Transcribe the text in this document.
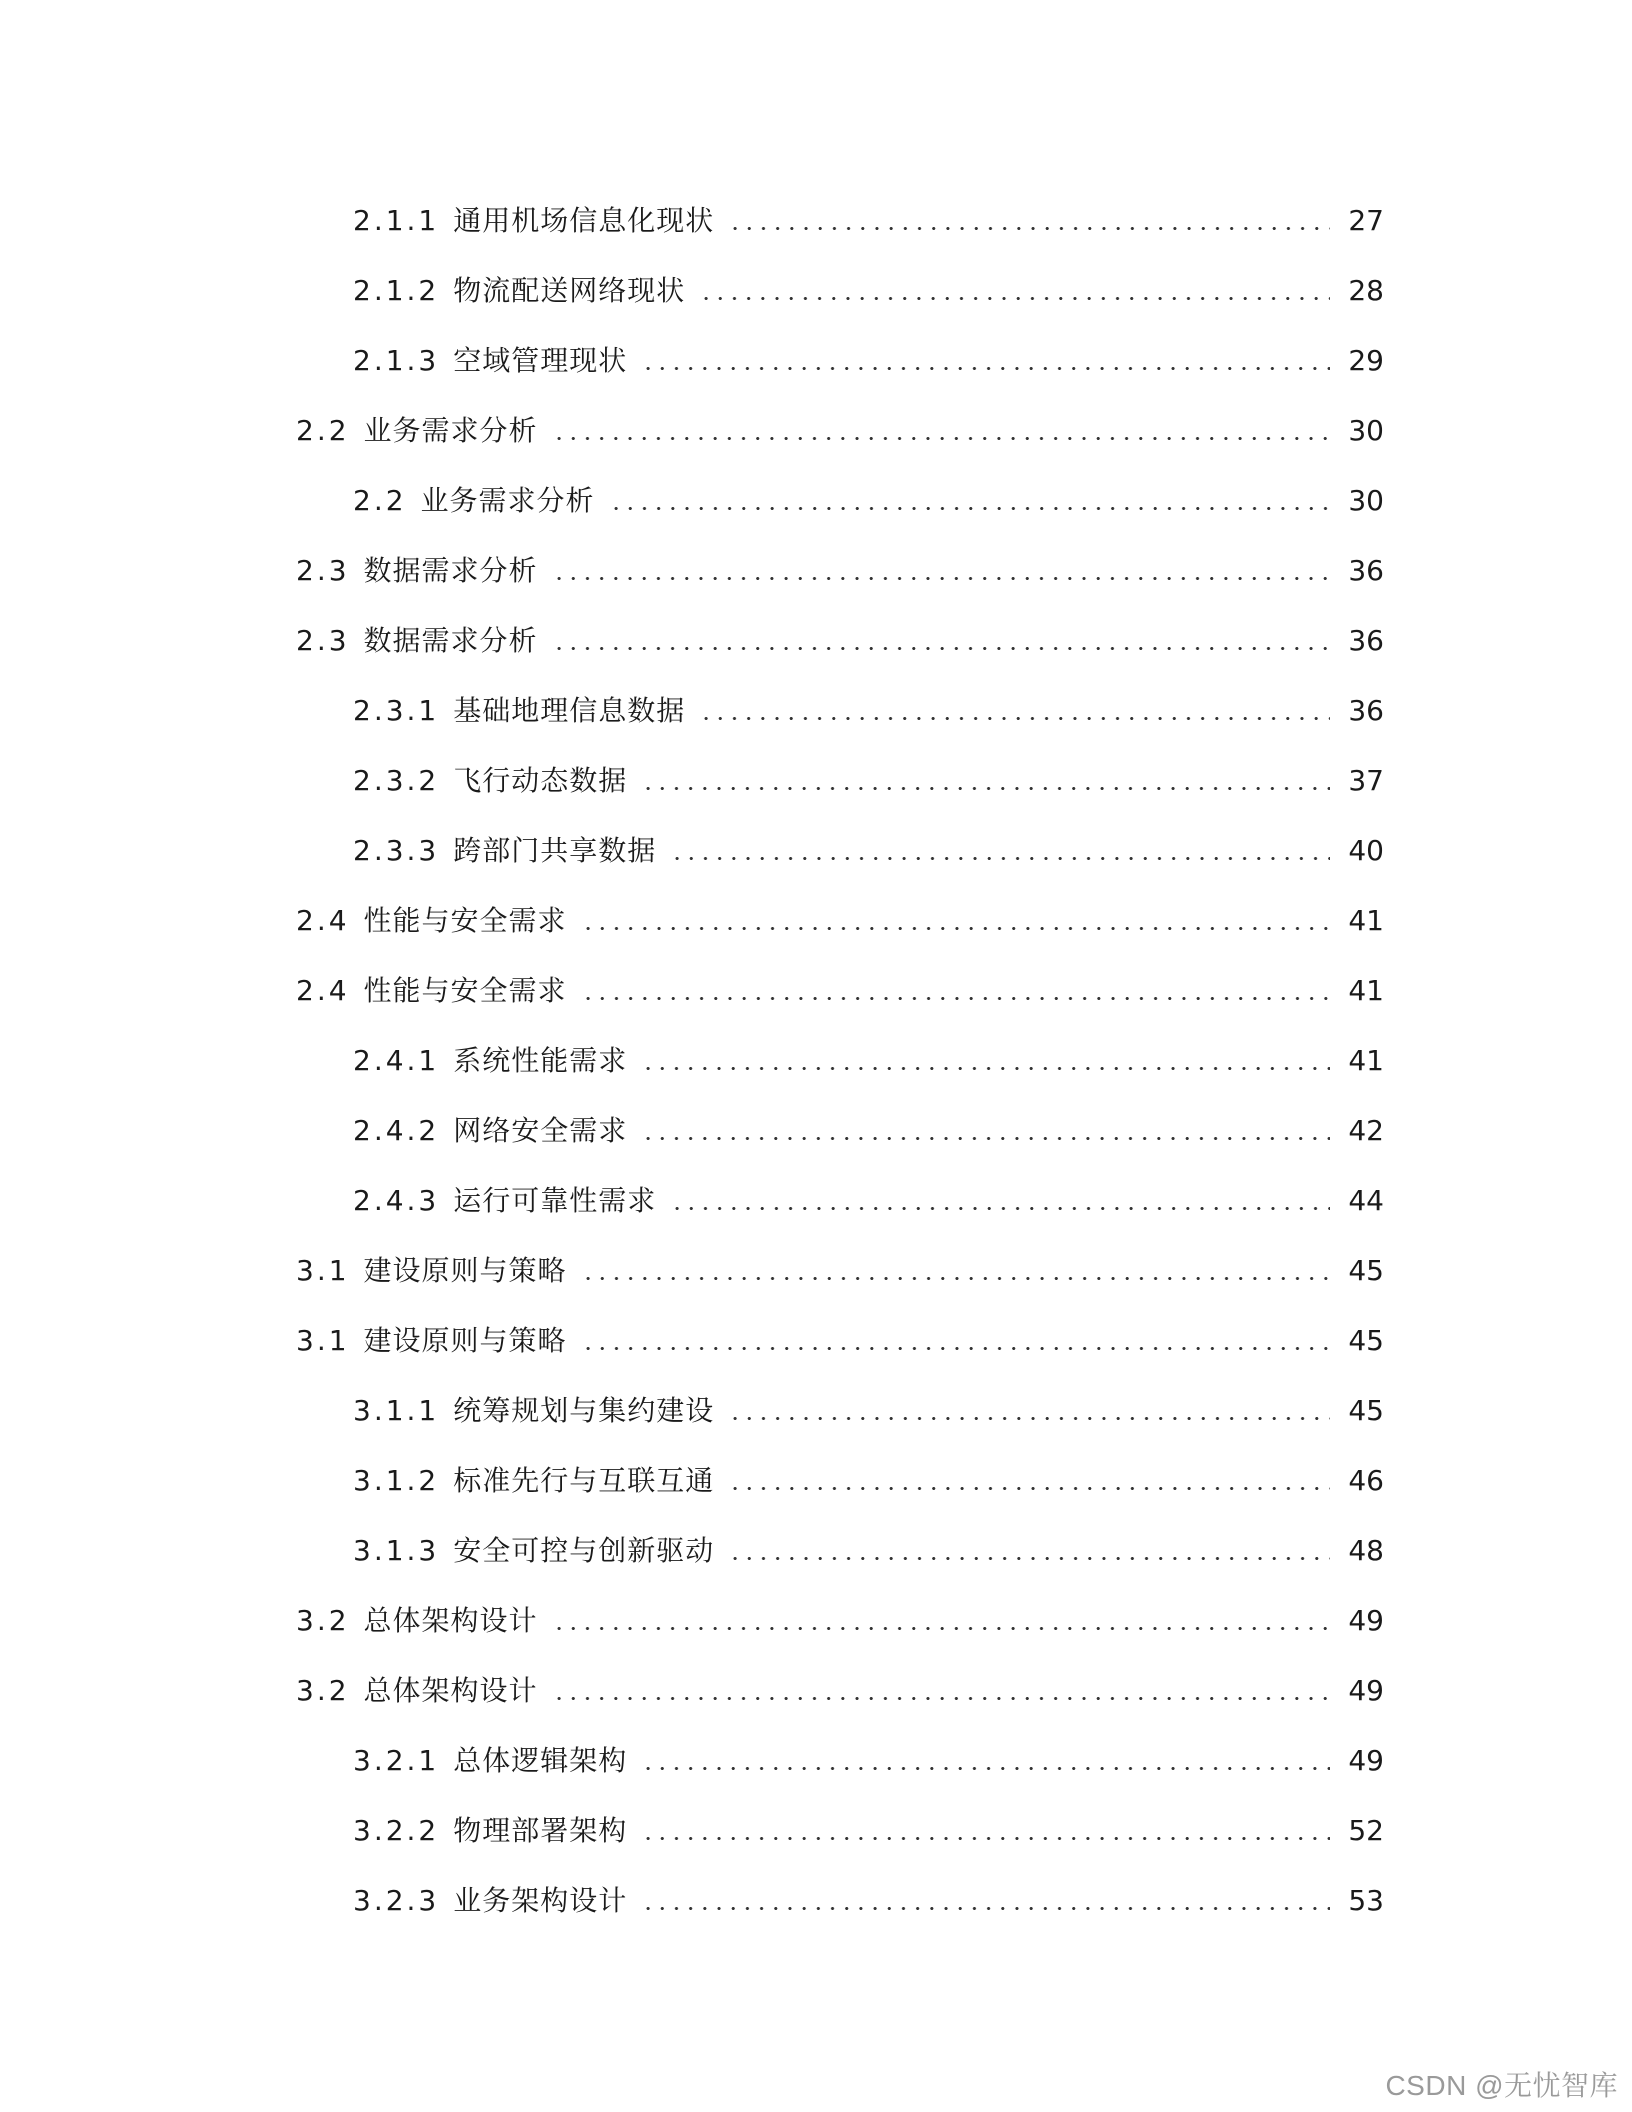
2.1.1 通用机场信息化现状	27
2.1.2 物流配送网络现状	28
2.1.3 空域管理现状	29
2.2 业务需求分析	30
2.2 业务需求分析	30
2.3 数据需求分析	36
2.3 数据需求分析	36
2.3.1 基础地理信息数据	36
2.3.2 飞行动态数据	37
2.3.3 跨部门共享数据	40
2.4 性能与安全需求	41
2.4 性能与安全需求	41
2.4.1 系统性能需求	41
2.4.2 网络安全需求	42
2.4.3 运行可靠性需求	44
3.1 建设原则与策略	45
3.1 建设原则与策略	45
3.1.1 统筹规划与集约建设	45
3.1.2 标准先行与互联互通	46
3.1.3 安全可控与创新驱动	48
3.2 总体架构设计	49
3.2 总体架构设计	49
3.2.1 总体逻辑架构	49
3.2.2 物理部署架构	52
3.2.3 业务架构设计	53
CSDN @无忧智库
